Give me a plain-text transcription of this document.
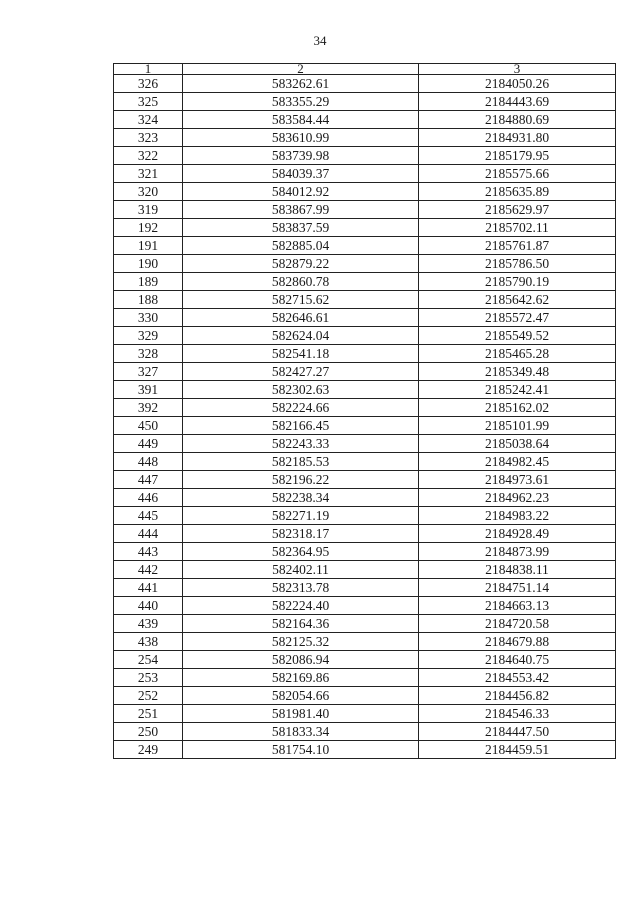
34
1	2	3
326	583262.61	2184050.26
325	583355.29	2184443.69
324	583584.44	2184880.69
323	583610.99	2184931.80
322	583739.98	2185179.95
321	584039.37	2185575.66
320	584012.92	2185635.89
319	583867.99	2185629.97
192	583837.59	2185702.11
191	582885.04	2185761.87
190	582879.22	2185786.50
189	582860.78	2185790.19
188	582715.62	2185642.62
330	582646.61	2185572.47
329	582624.04	2185549.52
328	582541.18	2185465.28
327	582427.27	2185349.48
391	582302.63	2185242.41
392	582224.66	2185162.02
450	582166.45	2185101.99
449	582243.33	2185038.64
448	582185.53	2184982.45
447	582196.22	2184973.61
446	582238.34	2184962.23
445	582271.19	2184983.22
444	582318.17	2184928.49
443	582364.95	2184873.99
442	582402.11	2184838.11
441	582313.78	2184751.14
440	582224.40	2184663.13
439	582164.36	2184720.58
438	582125.32	2184679.88
254	582086.94	2184640.75
253	582169.86	2184553.42
252	582054.66	2184456.82
251	581981.40	2184546.33
250	581833.34	2184447.50
249	581754.10	2184459.51
